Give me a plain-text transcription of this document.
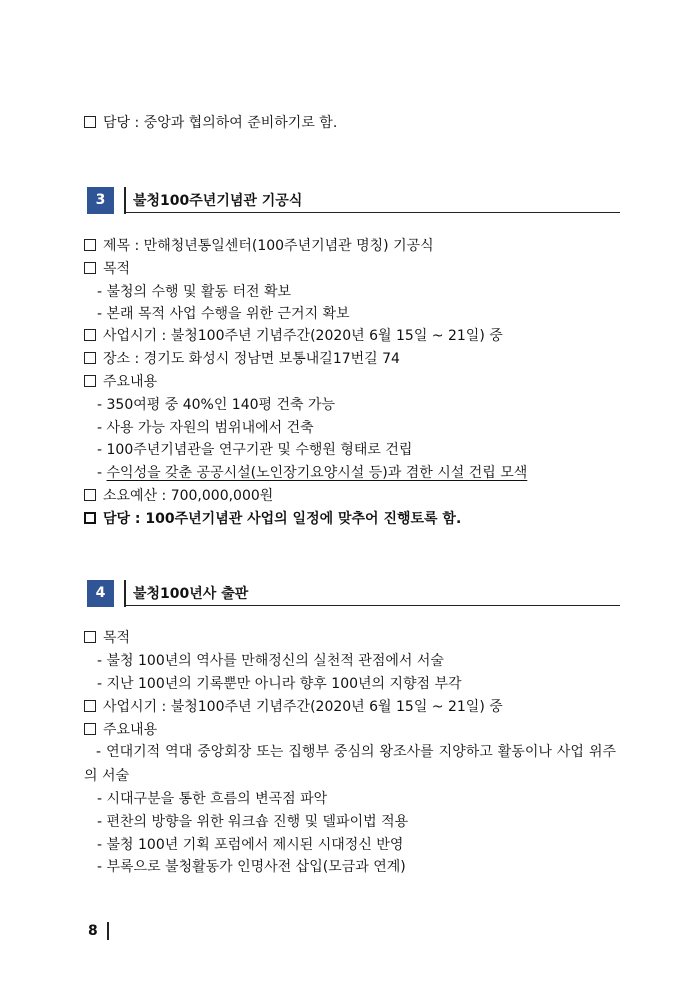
담당 : 중앙과 협의하여 준비하기로 함.
3	불청100주년기념관 기공식
제목 : 만해청년통일센터(100주년기념관 명칭) 기공식
목적
- 불청의 수행 및 활동 터전 확보
- 본래 목적 사업 수행을 위한 근거지 확보
사업시기 : 불청100주년 기념주간(2020년 6월 15일 ~ 21일) 중
장소 : 경기도 화성시 정남면 보통내길17번길 74
주요내용
- 350여평 중 40%인 140평 건축 가능
- 사용 가능 자원의 범위내에서 건축
- 100주년기념관을 연구기관 및 수행원 형태로 건립
- 수익성을 갖춘 공공시설(노인장기요양시설 등)과 겸한 시설 건립 모색
소요예산 : 700,000,000원
담당 : 100주년기념관 사업의 일정에 맞추어 진행토록 함.
4	불청100년사 출판
목적
- 불청 100년의 역사를 만해정신의 실천적 관점에서 서술
- 지난 100년의 기록뿐만 아니라 향후 100년의 지향점 부각
사업시기 : 불청100주년 기념주간(2020년 6월 15일 ~ 21일) 중
주요내용
- 연대기적 역대 중앙회장 또는 집행부 중심의 왕조사를 지양하고 활동이나 사업 위주의 서술
- 시대구분을 통한 흐름의 변곡점 파악
- 편찬의 방향을 위한 워크숍 진행 및 델파이법 적용
- 불청 100년 기획 포럼에서 제시된 시대정신 반영
- 부록으로 불청활동가 인명사전 삽입(모금과 연계)
8
